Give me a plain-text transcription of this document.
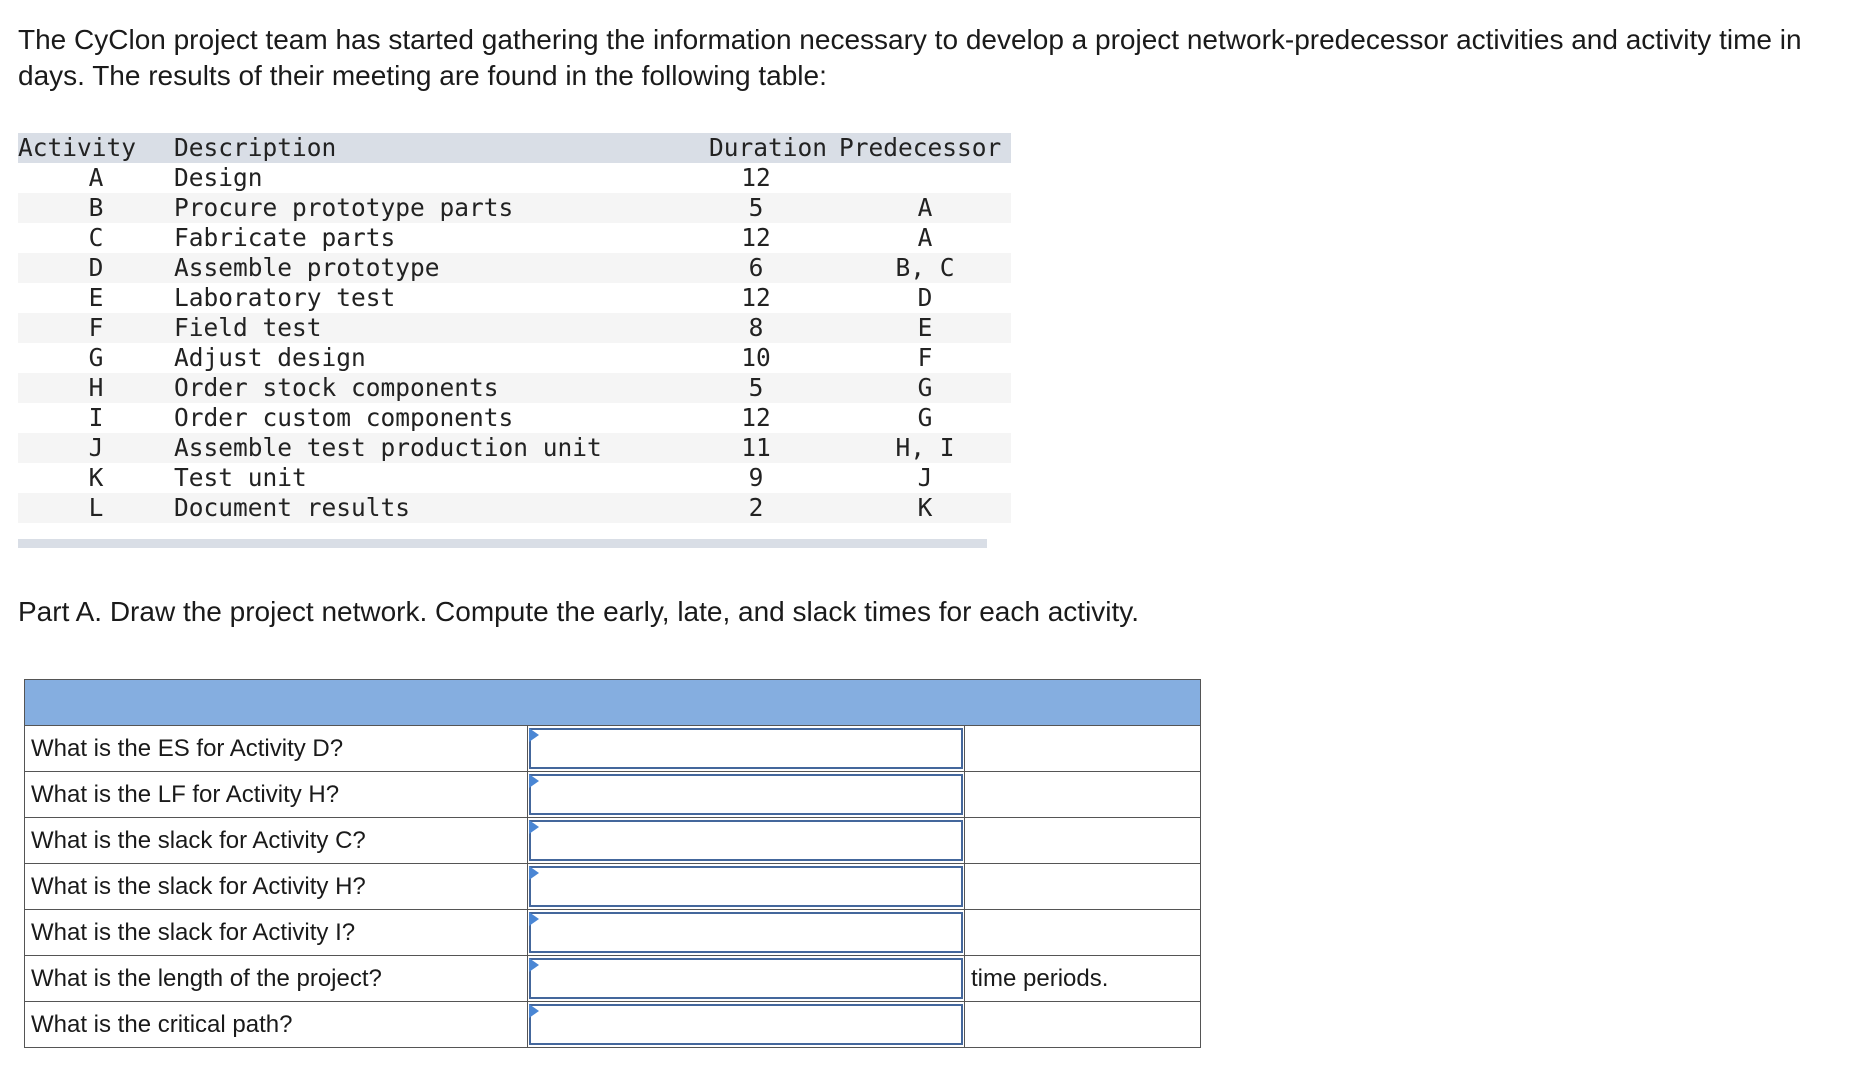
The CyClon project team has started gathering the information necessary to develop a project network-predecessor activities and activity time in days. The results of their meeting are found in the following table:

Activity	Description	Duration	Predecessor
A	Design	12	
B	Procure prototype parts	5	A
C	Fabricate parts	12	A
D	Assemble prototype	6	B, C
E	Laboratory test	12	D
F	Field test	8	E
G	Adjust design	10	F
H	Order stock components	5	G
I	Order custom components	12	G
J	Assemble test production unit	11	H, I
K	Test unit	9	J
L	Document results	2	K

Part A. Draw the project network. Compute the early, late, and slack times for each activity.

What is the ES for Activity D?	

What is the LF for Activity H?	

What is the slack for Activity C?	

What is the slack for Activity H?	

What is the slack for Activity I?	

What is the length of the project?		time periods.
What is the critical path?	
